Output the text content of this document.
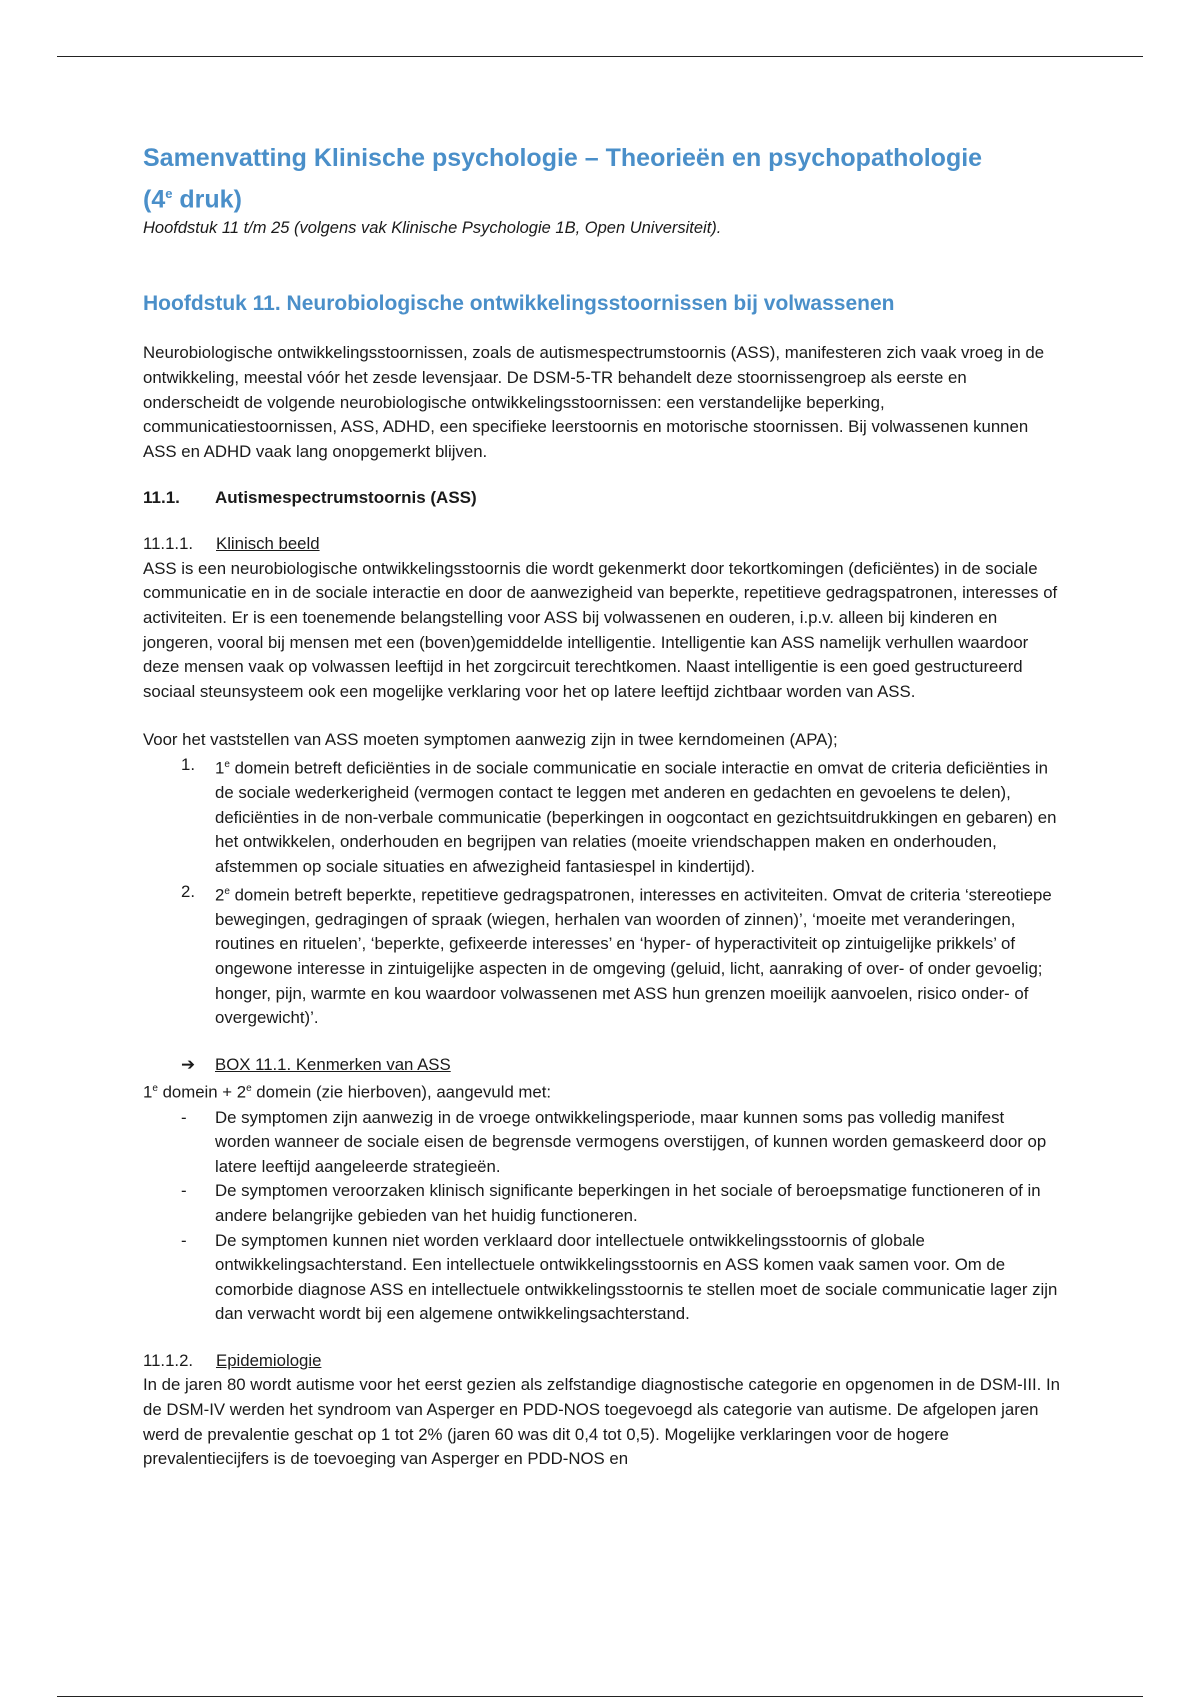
Samenvatting Klinische psychologie – Theorieën en psychopathologie
(4e druk)

Hoofdstuk 11 t/m 25 (volgens vak Klinische Psychologie 1B, Open Universiteit).

Hoofdstuk 11. Neurobiologische ontwikkelingsstoornissen bij volwassenen

Neurobiologische ontwikkelingsstoornissen, zoals de autismespectrumstoornis (ASS), manifesteren zich vaak vroeg in de ontwikkeling, meestal vóór het zesde levensjaar. De DSM-5-TR behandelt deze stoornissengroep als eerste en onderscheidt de volgende neurobiologische ontwikkelingsstoornissen: een verstandelijke beperking, communicatiestoornissen, ASS, ADHD, een specifieke leerstoornis en motorische stoornissen. Bij volwassenen kunnen ASS en ADHD vaak lang onopgemerkt blijven.

11.1.	Autismespectrumstoornis (ASS)
11.1.1.	Klinisch beeld

ASS is een neurobiologische ontwikkelingsstoornis die wordt gekenmerkt door tekortkomingen (deficiëntes) in de sociale communicatie en in de sociale interactie en door de aanwezigheid van beperkte, repetitieve gedragspatronen, interesses of activiteiten. Er is een toenemende belangstelling voor ASS bij volwassenen en ouderen, i.p.v. alleen bij kinderen en jongeren, vooral bij mensen met een (boven)gemiddelde intelligentie. Intelligentie kan ASS namelijk verhullen waardoor deze mensen vaak op volwassen leeftijd in het zorgcircuit terechtkomen. Naast intelligentie is een goed gestructureerd sociaal steunsysteem ook een mogelijke verklaring voor het op latere leeftijd zichtbaar worden van ASS.

Voor het vaststellen van ASS moeten symptomen aanwezig zijn in twee kerndomeinen (APA);

1.	1e domein betreft deficiënties in de sociale communicatie en sociale interactie en omvat de criteria deficiënties in de sociale wederkerigheid (vermogen contact te leggen met anderen en gedachten en gevoelens te delen), deficiënties in de non-verbale communicatie (beperkingen in oogcontact en gezichtsuitdrukkingen en gebaren) en het ontwikkelen, onderhouden en begrijpen van relaties (moeite vriendschappen maken en onderhouden, afstemmen op sociale situaties en afwezigheid fantasiespel in kindertijd).
2.	2e domein betreft beperkte, repetitieve gedragspatronen, interesses en activiteiten. Omvat de criteria ‘stereotiepe bewegingen, gedragingen of spraak (wiegen, herhalen van woorden of zinnen)’, ‘moeite met veranderingen, routines en rituelen’, ‘beperkte, gefixeerde interesses’ en ‘hyper- of hyperactiviteit op zintuigelijke prikkels’ of ongewone interesse in zintuigelijke aspecten in de omgeving (geluid, licht, aanraking of over- of onder gevoelig; honger, pijn, warmte en kou waardoor volwassenen met ASS hun grenzen moeilijk aanvoelen, risico onder- of overgewicht)’.
➔	BOX 11.1. Kenmerken van ASS

1e domein + $2^e$ domein (zie hierboven), aangevuld met:

-	De symptomen zijn aanwezig in de vroege ontwikkelingsperiode, maar kunnen soms pas volledig manifest worden wanneer de sociale eisen de begrensde vermogens overstijgen, of kunnen worden gemaskeerd door op latere leeftijd aangeleerde strategieën.
-	De symptomen veroorzaken klinisch significante beperkingen in het sociale of beroepsmatige functioneren of in andere belangrijke gebieden van het huidig functioneren.
-	De symptomen kunnen niet worden verklaard door intellectuele ontwikkelingsstoornis of globale ontwikkelingsachterstand. Een intellectuele ontwikkelingsstoornis en ASS komen vaak samen voor. Om de comorbide diagnose ASS en intellectuele ontwikkelingsstoornis te stellen moet de sociale communicatie lager zijn dan verwacht wordt bij een algemene ontwikkelingsachterstand.
11.1.2.	Epidemiologie

In de jaren 80 wordt autisme voor het eerst gezien als zelfstandige diagnostische categorie en opgenomen in de DSM-III. In de DSM-IV werden het syndroom van Asperger en PDD-NOS toegevoegd als categorie van autisme. De afgelopen jaren werd de prevalentie geschat op 1 tot 2% (jaren 60 was dit 0,4 tot 0,5). Mogelijke verklaringen voor de hogere prevalentiecijfers is de toevoeging van Asperger en PDD-NOS en
